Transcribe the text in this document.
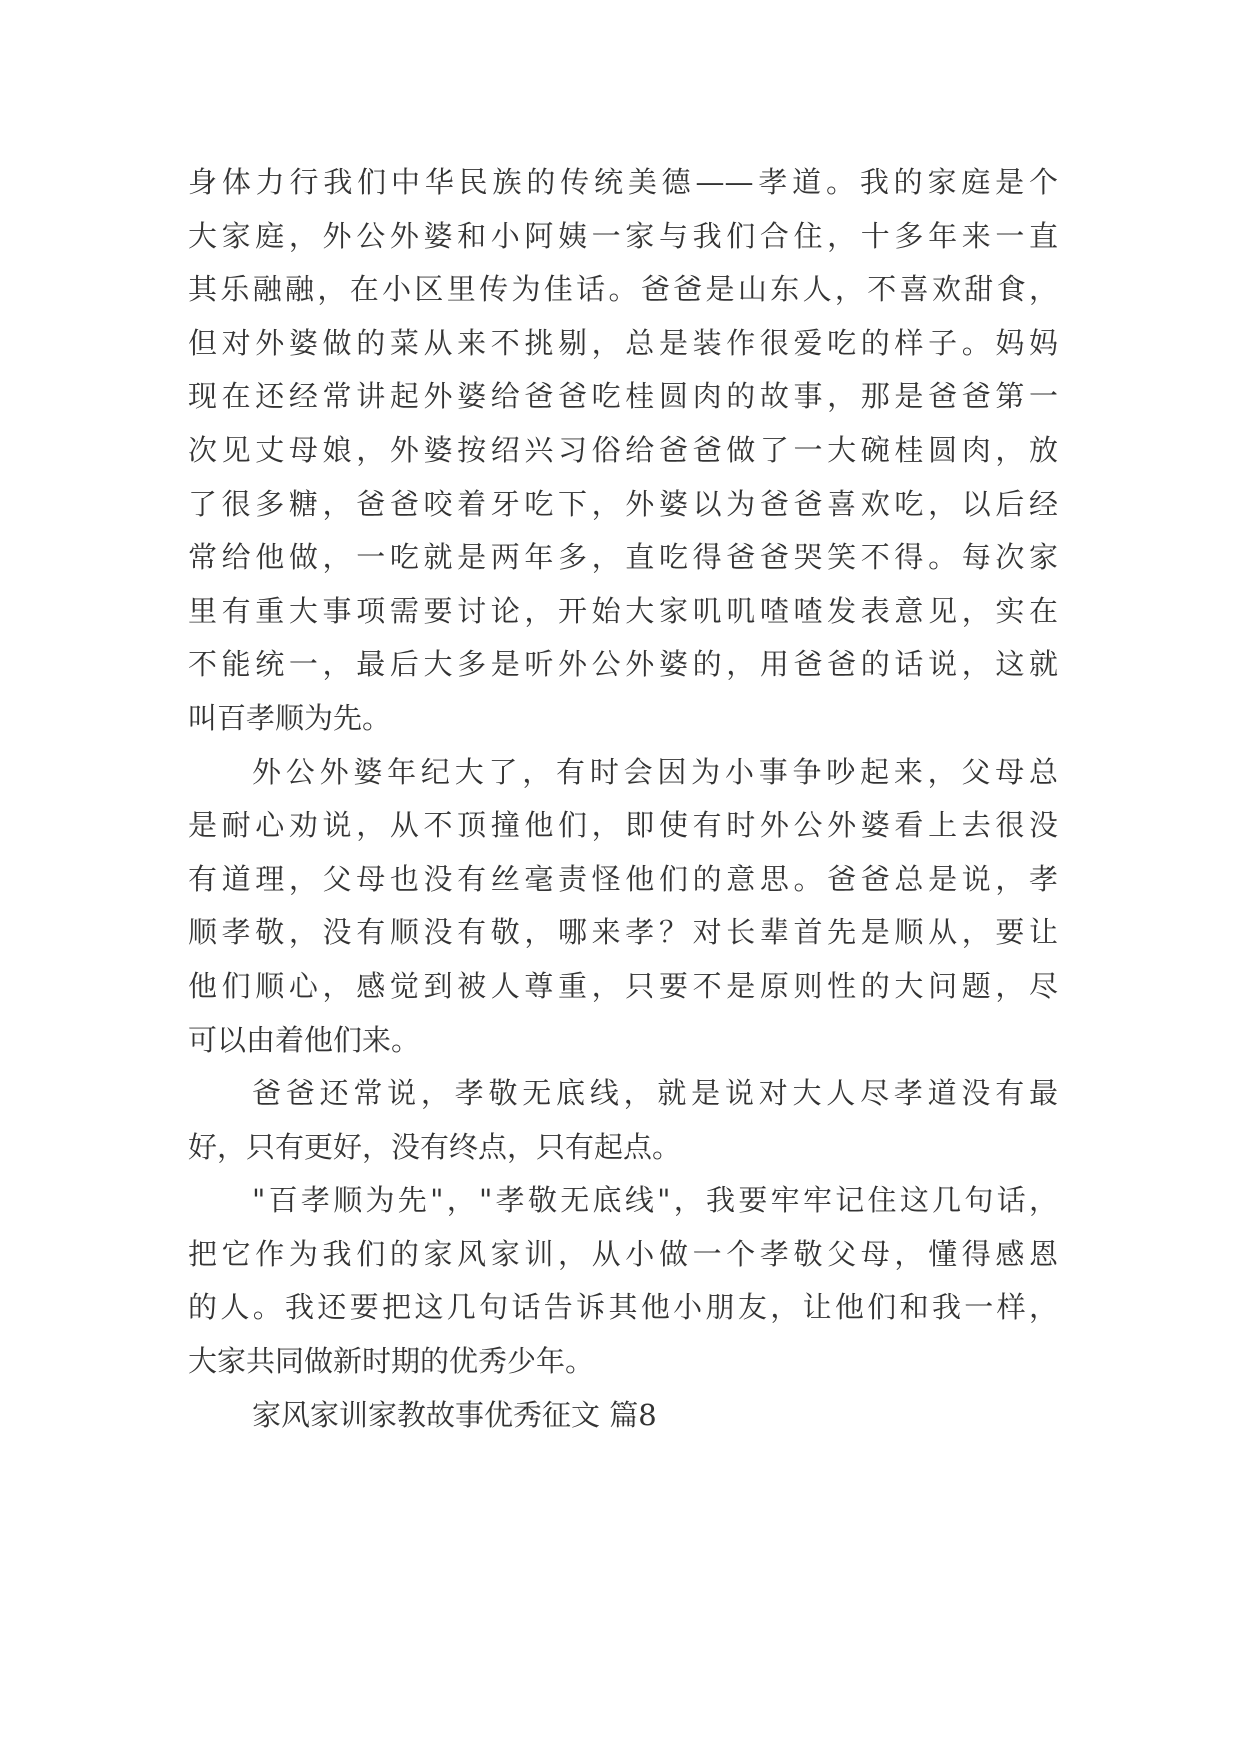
身体力行我们中华民族的传统美德——孝道。我的家庭是个
大家庭，外公外婆和小阿姨一家与我们合住，十多年来一直
其乐融融，在小区里传为佳话。爸爸是山东人，不喜欢甜食，
但对外婆做的菜从来不挑剔，总是装作很爱吃的样子。妈妈
现在还经常讲起外婆给爸爸吃桂圆肉的故事，那是爸爸第一
次见丈母娘，外婆按绍兴习俗给爸爸做了一大碗桂圆肉，放
了很多糖，爸爸咬着牙吃下，外婆以为爸爸喜欢吃，以后经
常给他做，一吃就是两年多，直吃得爸爸哭笑不得。每次家
里有重大事项需要讨论，开始大家叽叽喳喳发表意见，实在
不能统一，最后大多是听外公外婆的，用爸爸的话说，这就
叫百孝顺为先。
外公外婆年纪大了，有时会因为小事争吵起来，父母总
是耐心劝说，从不顶撞他们，即使有时外公外婆看上去很没
有道理，父母也没有丝毫责怪他们的意思。爸爸总是说，孝
顺孝敬，没有顺没有敬，哪来孝？对长辈首先是顺从，要让
他们顺心，感觉到被人尊重，只要不是原则性的大问题，尽
可以由着他们来。
爸爸还常说，孝敬无底线，就是说对大人尽孝道没有最
好，只有更好，没有终点，只有起点。
"百孝顺为先"，"孝敬无底线"，我要牢牢记住这几句话，
把它作为我们的家风家训，从小做一个孝敬父母，懂得感恩
的人。我还要把这几句话告诉其他小朋友，让他们和我一样，
大家共同做新时期的优秀少年。
家风家训家教故事优秀征文 篇8
